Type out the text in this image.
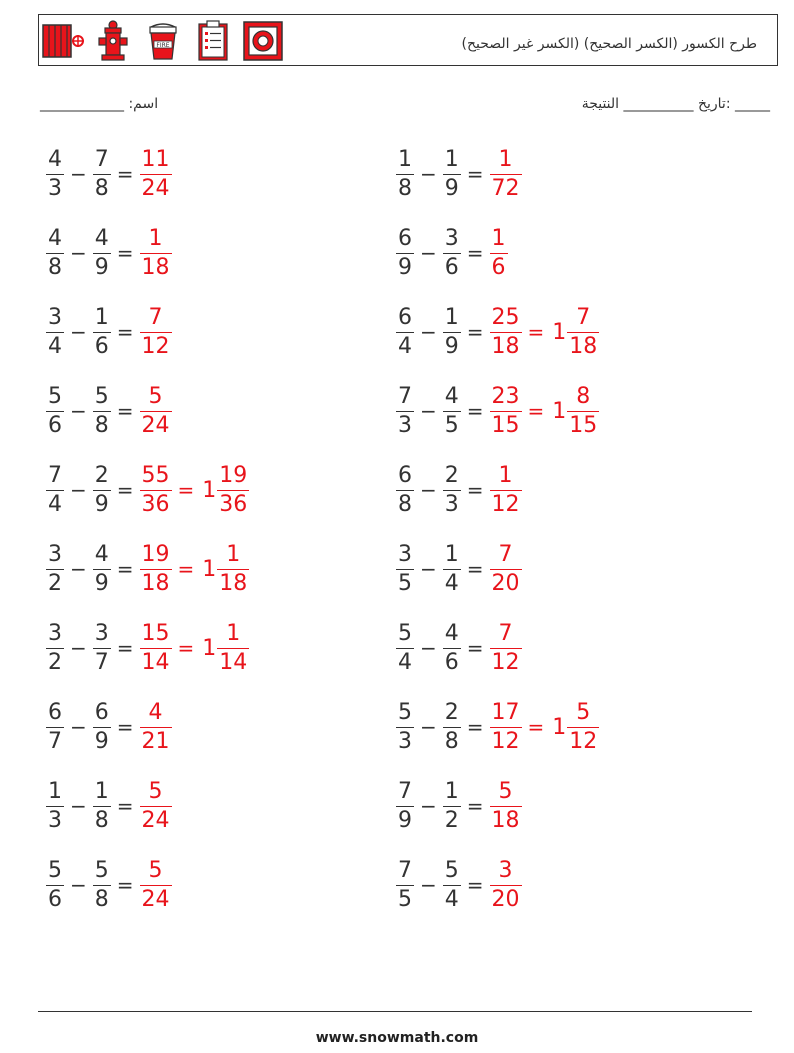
FIRE	طرح الكسور (الكسر الصحيح) (الكسر غير الصحيح)
_____ :تاريخ __________ النتيجة
اسم: ____________
$\frac{4}{3} - \frac{7}{8} = \frac{11}{24}$
$\frac{4}{8} - \frac{4}{9} = \frac{1}{18}$
$\frac{3}{4} - \frac{1}{6} = \frac{7}{12}$
$\frac{5}{6} - \frac{5}{8} = \frac{5}{24}$
$\frac{7}{4} - \frac{2}{9} = \frac{55}{36} = 1 \frac{19}{36}$
$\frac{3}{2} - \frac{4}{9} = \frac{19}{18} = 1 \frac{1}{18}$
$\frac{3}{2} - \frac{3}{7} = \frac{15}{14} = 1 \frac{1}{14}$
$\frac{6}{7} - \frac{6}{9} = \frac{4}{21}$
$\frac{1}{3} - \frac{1}{8} = \frac{5}{24}$
$\frac{5}{6} - \frac{5}{8} = \frac{5}{24}$
$\frac{1}{8} - \frac{1}{9} = \frac{1}{72}$
$\frac{6}{9} - \frac{3}{6} = \frac{1}{6}$
$\frac{6}{4} - \frac{1}{9} = \frac{25}{18} = 1 \frac{7}{18}$
$\frac{7}{3} - \frac{4}{5} = \frac{23}{15} = 1 \frac{8}{15}$
$\frac{6}{8} - \frac{2}{3} = \frac{1}{12}$
$\frac{3}{5} - \frac{1}{4} = \frac{7}{20}$
$\frac{5}{4} - \frac{4}{6} = \frac{7}{12}$
$\frac{5}{3} - \frac{2}{8} = \frac{17}{12} = 1 \frac{5}{12}$
$\frac{7}{9} - \frac{1}{2} = \frac{5}{18}$
$\frac{7}{5} - \frac{5}{4} = \frac{3}{20}$
www.snowmath.com
